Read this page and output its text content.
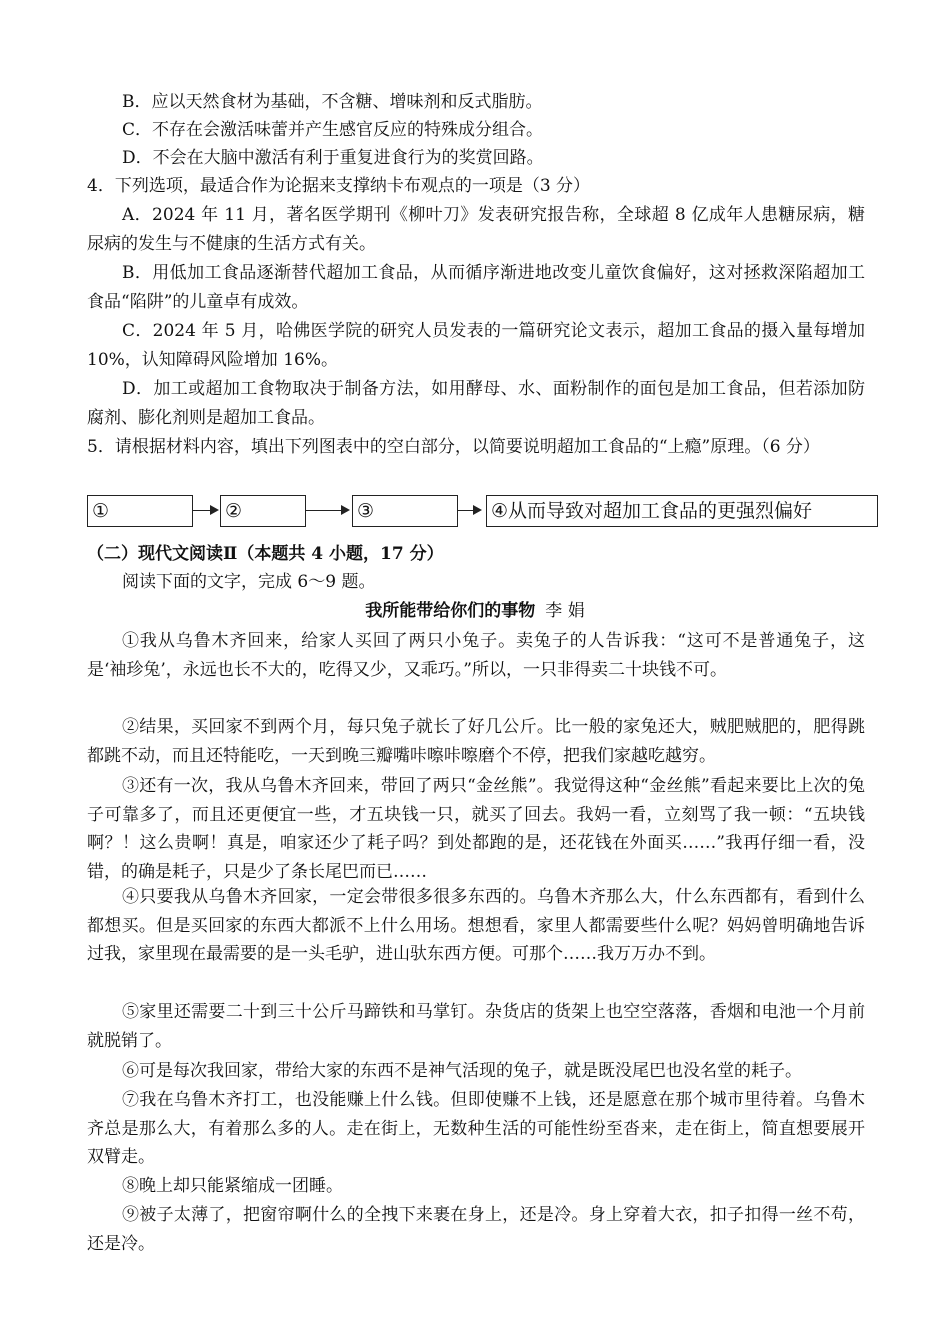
B．应以天然食材为基础，不含糖、增味剂和反式脂肪。

C．不存在会激活味蕾并产生感官反应的特殊成分组合。

D．不会在大脑中激活有利于重复进食行为的奖赏回路。

4．下列选项，最适合作为论据来支撑纳卡布观点的一项是（3 分）

A．2024 年 11 月，著名医学期刊《柳叶刀》发表研究报告称，全球超 8 亿成年人患糖尿病，糖尿病的发生与不健康的生活方式有关。

B．用低加工食品逐渐替代超加工食品，从而循序渐进地改变儿童饮食偏好，这对拯救深陷超加工食品“陷阱”的儿童卓有成效。

C．2024 年 5 月，哈佛医学院的研究人员发表的一篇研究论文表示，超加工食品的摄入量每增加 10%，认知障碍风险增加 16%。

D．加工或超加工食物取决于制备方法，如用酵母、水、面粉制作的面包是加工食品，但若添加防腐剂、膨化剂则是超加工食品。

5．请根据材料内容，填出下列图表中的空白部分，以简要说明超加工食品的“上瘾”原理。（6 分）

①	②	③	④从而导致对超加工食品的更强烈偏好

（二）现代文阅读Ⅱ（本题共 4 小题，17 分）

阅读下面的文字，完成 6～9 题。

我所能带给你们的事物 李 娟

①我从乌鲁木齐回来，给家人买回了两只小兔子。卖兔子的人告诉我：“这可不是普通兔子，这是‘袖珍兔’，永远也长不大的，吃得又少，又乖巧。”所以，一只非得卖二十块钱不可。

②结果，买回家不到两个月，每只兔子就长了好几公斤。比一般的家兔还大，贼肥贼肥的，肥得跳都跳不动，而且还特能吃，一天到晚三瓣嘴咔嚓咔嚓磨个不停，把我们家越吃越穷。

③还有一次，我从乌鲁木齐回来，带回了两只“金丝熊”。我觉得这种“金丝熊”看起来要比上次的兔子可靠多了，而且还更便宜一些，才五块钱一只，就买了回去。我妈一看，立刻骂了我一顿：“五块钱啊？！这么贵啊！真是，咱家还少了耗子吗？到处都跑的是，还花钱在外面买……”我再仔细一看，没错，的确是耗子，只是少了条长尾巴而已……

④只要我从乌鲁木齐回家，一定会带很多很多东西的。乌鲁木齐那么大，什么东西都有，看到什么都想买。但是买回家的东西大都派不上什么用场。想想看，家里人都需要些什么呢？妈妈曾明确地告诉过我，家里现在最需要的是一头毛驴，进山驮东西方便。可那个……我万万办不到。

⑤家里还需要二十到三十公斤马蹄铁和马掌钉。杂货店的货架上也空空落落，香烟和电池一个月前就脱销了。

⑥可是每次我回家，带给大家的东西不是神气活现的兔子，就是既没尾巴也没名堂的耗子。

⑦我在乌鲁木齐打工，也没能赚上什么钱。但即使赚不上钱，还是愿意在那个城市里待着。乌鲁木齐总是那么大，有着那么多的人。走在街上，无数种生活的可能性纷至沓来，走在街上，简直想要展开双臂走。

⑧晚上却只能紧缩成一团睡。

⑨被子太薄了，把窗帘啊什么的全拽下来裹在身上，还是冷。身上穿着大衣，扣子扣得一丝不苟，还是冷。
